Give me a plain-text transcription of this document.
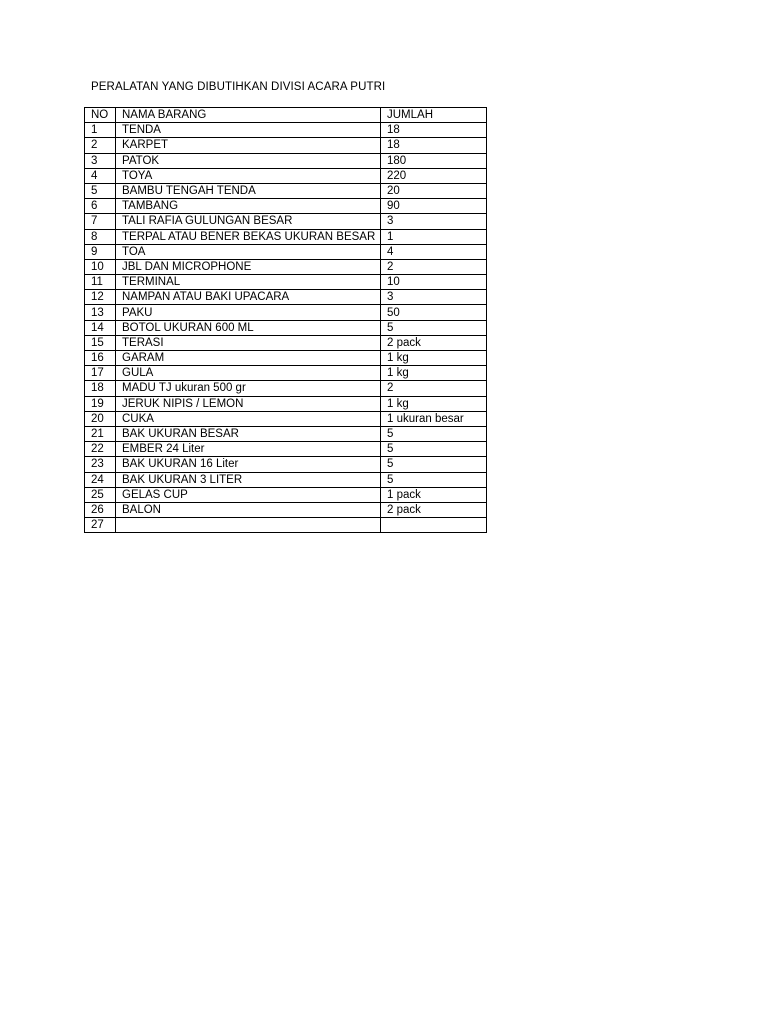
PERALATAN YANG DIBUTIHKAN DIVISI ACARA PUTRI
NO	NAMA BARANG	JUMLAH
1	TENDA	18
2	KARPET	18
3	PATOK	180
4	TOYA	220
5	BAMBU TENGAH TENDA	20
6	TAMBANG	90
7	TALI RAFIA GULUNGAN BESAR	3
8	TERPAL ATAU BENER BEKAS UKURAN BESAR	1
9	TOA	4
10	JBL DAN MICROPHONE	2
11	TERMINAL	10
12	NAMPAN ATAU BAKI UPACARA	3
13	PAKU	50
14	BOTOL UKURAN 600 ML	5
15	TERASI	2 pack
16	GARAM	1 kg
17	GULA	1 kg
18	MADU TJ ukuran 500 gr	2
19	JERUK NIPIS / LEMON	1 kg
20	CUKA	1 ukuran besar
21	BAK UKURAN BESAR	5
22	EMBER 24 Liter	5
23	BAK UKURAN 16 Liter	5
24	BAK UKURAN 3 LITER	5
25	GELAS CUP	1 pack
26	BALON	2 pack
27		
